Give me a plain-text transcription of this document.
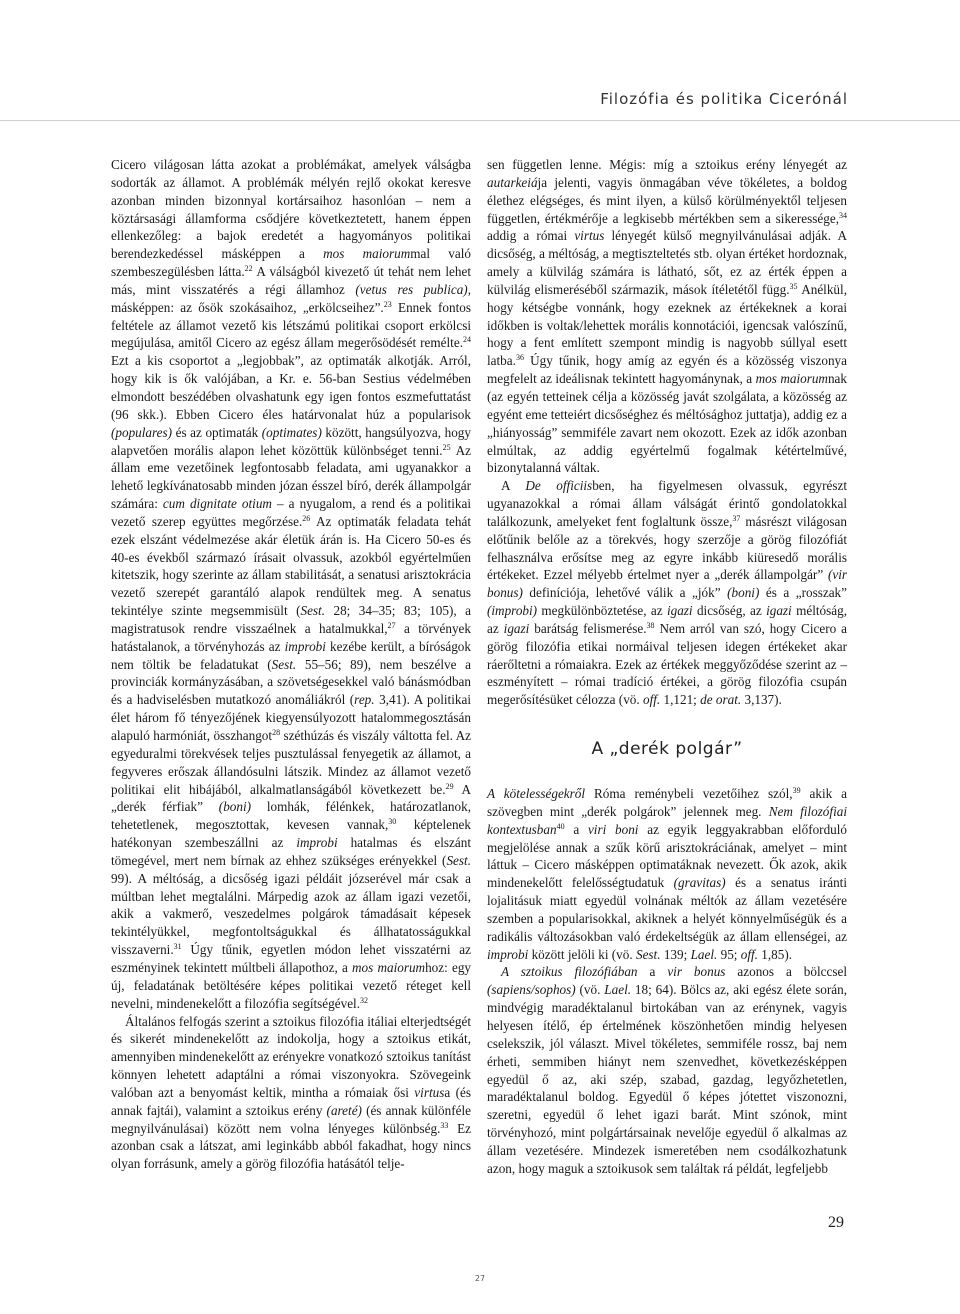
Filozófia és politika Cicerónál

Cicero világosan látta azokat a problémákat, amelyek válságba sodorták az államot. A problémák mélyén rejlő okokat keresve azonban minden bizonnyal kortársaihoz hasonlóan – nem a köztársasági államforma csődjére következtetett, hanem éppen ellenkezőleg: a bajok eredetét a hagyományos politikai berendezkedéssel másképpen a mos maiorummal való szembeszegülésben látta.$^{22}$ A válságból kivezető út tehát nem lehet más, mint visszatérés a régi államhoz (vetus res publica), másképpen: az ősök szokásaihoz, „erkölcseihez”.$^{23}$ Ennek fontos feltétele az államot vezető kis létszámú politikai csoport erkölcsi megújulása, amitől Cicero az egész állam megerősödését remélte.$^{24}$ Ezt a kis csoportot a „legjobbak”, az optimaták alkotják. Arról, hogy kik is ők valójában, a Kr. e. 56-ban Sestius védelmében elmondott beszédében olvashatunk egy igen fontos eszmefuttatást (96 skk.). Ebben Cicero éles határvonalat húz a popularisok (populares) és az optimaták (optimates) között, hangsúlyozva, hogy alapvetően morális alapon lehet közöttük különbséget tenni.$^{25}$ Az állam eme vezetőinek legfontosabb feladata, ami ugyanakkor a lehető legkívánatosabb minden józan ésszel bíró, derék állampolgár számára: cum dignitate otium – a nyugalom, a rend és a politikai vezető szerep együttes megőrzése.$^{26}$ Az optimaták feladata tehát ezek elszánt védelmezése akár életük árán is. Ha Cicero 50-es és 40-es évekből származó írásait olvassuk, azokból egyértelműen kitetszik, hogy szerinte az állam stabilitását, a senatusi arisztokrácia vezető szerepét garantáló alapok rendültek meg. A senatus tekintélye szinte megsemmisült (Sest. 28; 34–35; 83; 105), a magistratusok rendre visszaélnek a hatalmukkal,$^{27}$ a törvények hatástalanok, a törvényhozás az improbi kezébe került, a bíróságok nem töltik be feladatukat (Sest. 55–56; 89), nem beszélve a provinciák kormányzásában, a szövetségesekkel való bánásmódban és a hadviselésben mutatkozó anomáliákról (rep. 3,41). A politikai élet három fő tényezőjének kiegyensúlyozott hatalommegosztásán alapuló harmóniát, összhangot$^{28}$ széthúzás és viszály váltotta fel. Az egyeduralmi törekvések teljes pusztulással fenyegetik az államot, a fegyveres erőszak állandósulni látszik. Mindez az államot vezető politikai elit hibájából, alkalmatlanságából következett be.$^{29}$ A „derék férfiak” (boni) lomhák, félénkek, határozatlanok, tehetetlenek, megosztottak, kevesen vannak,$^{30}$ képtelenek hatékonyan szembeszállni az improbi hatalmas és elszánt tömegével, mert nem bírnak az ehhez szükséges erényekkel (Sest. 99). A méltóság, a dicsőség igazi példáit józserével már csak a múltban lehet megtalálni. Márpedig azok az állam igazi vezetői, akik a vakmerő, veszedelmes polgárok támadásait képesek tekintélyükkel, megfontoltságukkal és állhatatosságukkal visszaverni.$^{31}$ Úgy tűnik, egyetlen módon lehet visszatérni az eszményinek tekintett múltbeli állapothoz, a mos maiorumhoz: egy új, feladatának betöltésére képes politikai vezető réteget kell nevelni, mindenekelőtt a filozófia segítségével.$^{32}$

Általános felfogás szerint a sztoikus filozófia itáliai elterjedtségét és sikerét mindenekelőtt az indokolja, hogy a sztoikus etikát, amennyiben mindenekelőtt az erényekre vonatkozó sztoikus tanítást könnyen lehetett adaptálni a római viszonyokra. Szövegeink valóban azt a benyomást keltik, mintha a rómaiak ősi virtusa (és annak fajtái), valamint a sztoikus erény (areté) (és annak különféle megnyilvánulásai) között nem volna lényeges különbség.$^{33}$ Ez azonban csak a látszat, ami leginkább abból fakadhat, hogy nincs olyan forrásunk, amely a görög filozófia hatásától telje-

sen független lenne. Mégis: míg a sztoikus erény lényegét az autarkeiája jelenti, vagyis önmagában véve tökéletes, a boldog élethez elégséges, és mint ilyen, a külső körülményektől teljesen független, értékmérője a legkisebb mértékben sem a sikeressége,$^{34}$ addig a római virtus lényegét külső megnyilvánulásai adják. A dicsőség, a méltóság, a megtiszteltetés stb. olyan értéket hordoznak, amely a külvilág számára is látható, sőt, ez az érték éppen a külvilág elismeréséből származik, mások ítéletétől függ.$^{35}$ Anélkül, hogy kétségbe vonnánk, hogy ezeknek az értékeknek a korai időkben is voltak/lehettek morális konnotációi, igencsak valószínű, hogy a fent említett szempont mindig is nagyobb súllyal esett latba.$^{36}$ Úgy tűnik, hogy amíg az egyén és a közösség viszonya megfelelt az ideálisnak tekintett hagyománynak, a mos maiorumnak (az egyén tetteinek célja a közösség javát szolgálata, a közösség az egyént eme tetteiért dicsőséghez és méltósághoz juttatja), addig ez a „hiányosság” semmiféle zavart nem okozott. Ezek az idők azonban elmúltak, az addig egyértelmű fogalmak kétértelművé, bizonytalanná váltak.

A De officiisben, ha figyelmesen olvassuk, egyrészt ugyanazokkal a római állam válságát érintő gondolatokkal találkozunk, amelyeket fent foglaltunk össze,$^{37}$ másrészt világosan előtűnik belőle az a törekvés, hogy szerzője a görög filozófiát felhasználva erősítse meg az egyre inkább kiüresedő morális értékeket. Ezzel mélyebb értelmet nyer a „derék állampolgár” (vir bonus) definíciója, lehetővé válik a „jók” (boni) és a „rosszak” (improbi) megkülönböztetése, az igazi dicsőség, az igazi méltóság, az igazi barátság felismerése.$^{38}$ Nem arról van szó, hogy Cicero a görög filozófia etikai normáival teljesen idegen értékeket akar ráerőltetni a rómaiakra. Ezek az értékek meggyőződése szerint az – eszményített – római tradíció értékei, a görög filozófia csupán megerősítésüket célozza (vö. off. 1,121; de orat. 3,137).

A „derék polgár”

A kötelességekről Róma reménybeli vezetőihez szól,$^{39}$ akik a szövegben mint „derék polgárok” jelennek meg. Nem filozófiai kontextusban$^{40}$ a viri boni az egyik leggyakrabban előforduló megjelölése annak a szűk körű arisztokráciának, amelyet – mint láttuk – Cicero másképpen optimatáknak nevezett. Ők azok, akik mindenekelőtt felelősségtudatuk (gravitas) és a senatus iránti lojalitásuk miatt egyedül volnának méltók az állam vezetésére szemben a popularisokkal, akiknek a helyét könnyelműségük és a radikális változásokban való érdekeltségük az állam ellenségei, az improbi között jelöli ki (vö. Sest. 139; Lael. 95; off. 1,85).

A sztoikus filozófiában a vir bonus azonos a bölccsel (sapiens/sophos) (vö. Lael. 18; 64). Bölcs az, aki egész élete során, mindvégig maradéktalanul birtokában van az erénynek, vagyis helyesen ítélő, ép értelmének köszönhetően mindig helyesen cselekszik, jól választ. Mivel tökéletes, semmiféle rossz, baj nem érheti, semmiben hiányt nem szenvedhet, következésképpen egyedül ő az, aki szép, szabad, gazdag, legyőzhetetlen, maradéktalanul boldog. Egyedül ő képes jótettet viszonozni, szeretni, egyedül ő lehet igazi barát. Mint szónok, mint törvényhozó, mint polgártársainak nevelője egyedül ő alkalmas az állam vezetésére. Mindezek ismeretében nem csodálkozhatunk azon, hogy maguk a sztoikusok sem találtak rá példát, legfeljebb

29
27
